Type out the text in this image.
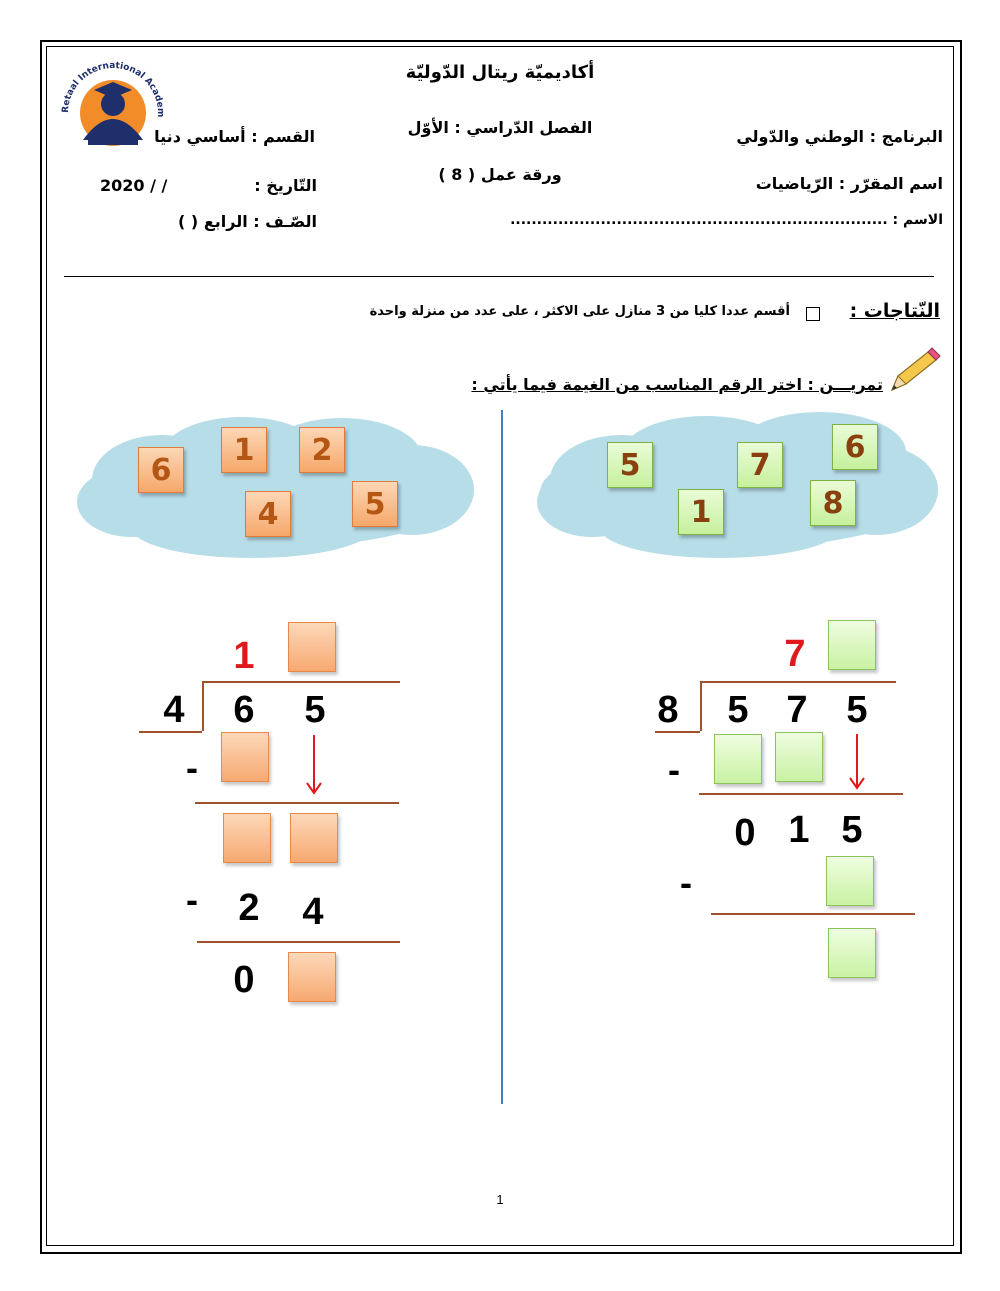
Retaal International Academ
أكاديميّة ريتال الدّوليّة
الفصل الدّراسي : الأوّل
ورقة عمل ( 8 )
القسم : أساسي دنيا
التّاريخ :
2020 / /
الصّـف : الرابع ( )
البرنامج : الوطني والدّولي
اسم المقرّر : الرّياضيات
الاسم : .......................................................................
النّتاجات :
أقسم عددا كليا من 3 منازل على الاكثر ، على عدد من منزلة واحدة
تمريـــن : اختر الرقم المناسب من الغيمة فيما يأتي :
6
1	2
4	5
5	7
6
1	8
1
4 6 5
-
- 2 4
0
7
8 5 7 5
-
0 1 5
-
1
